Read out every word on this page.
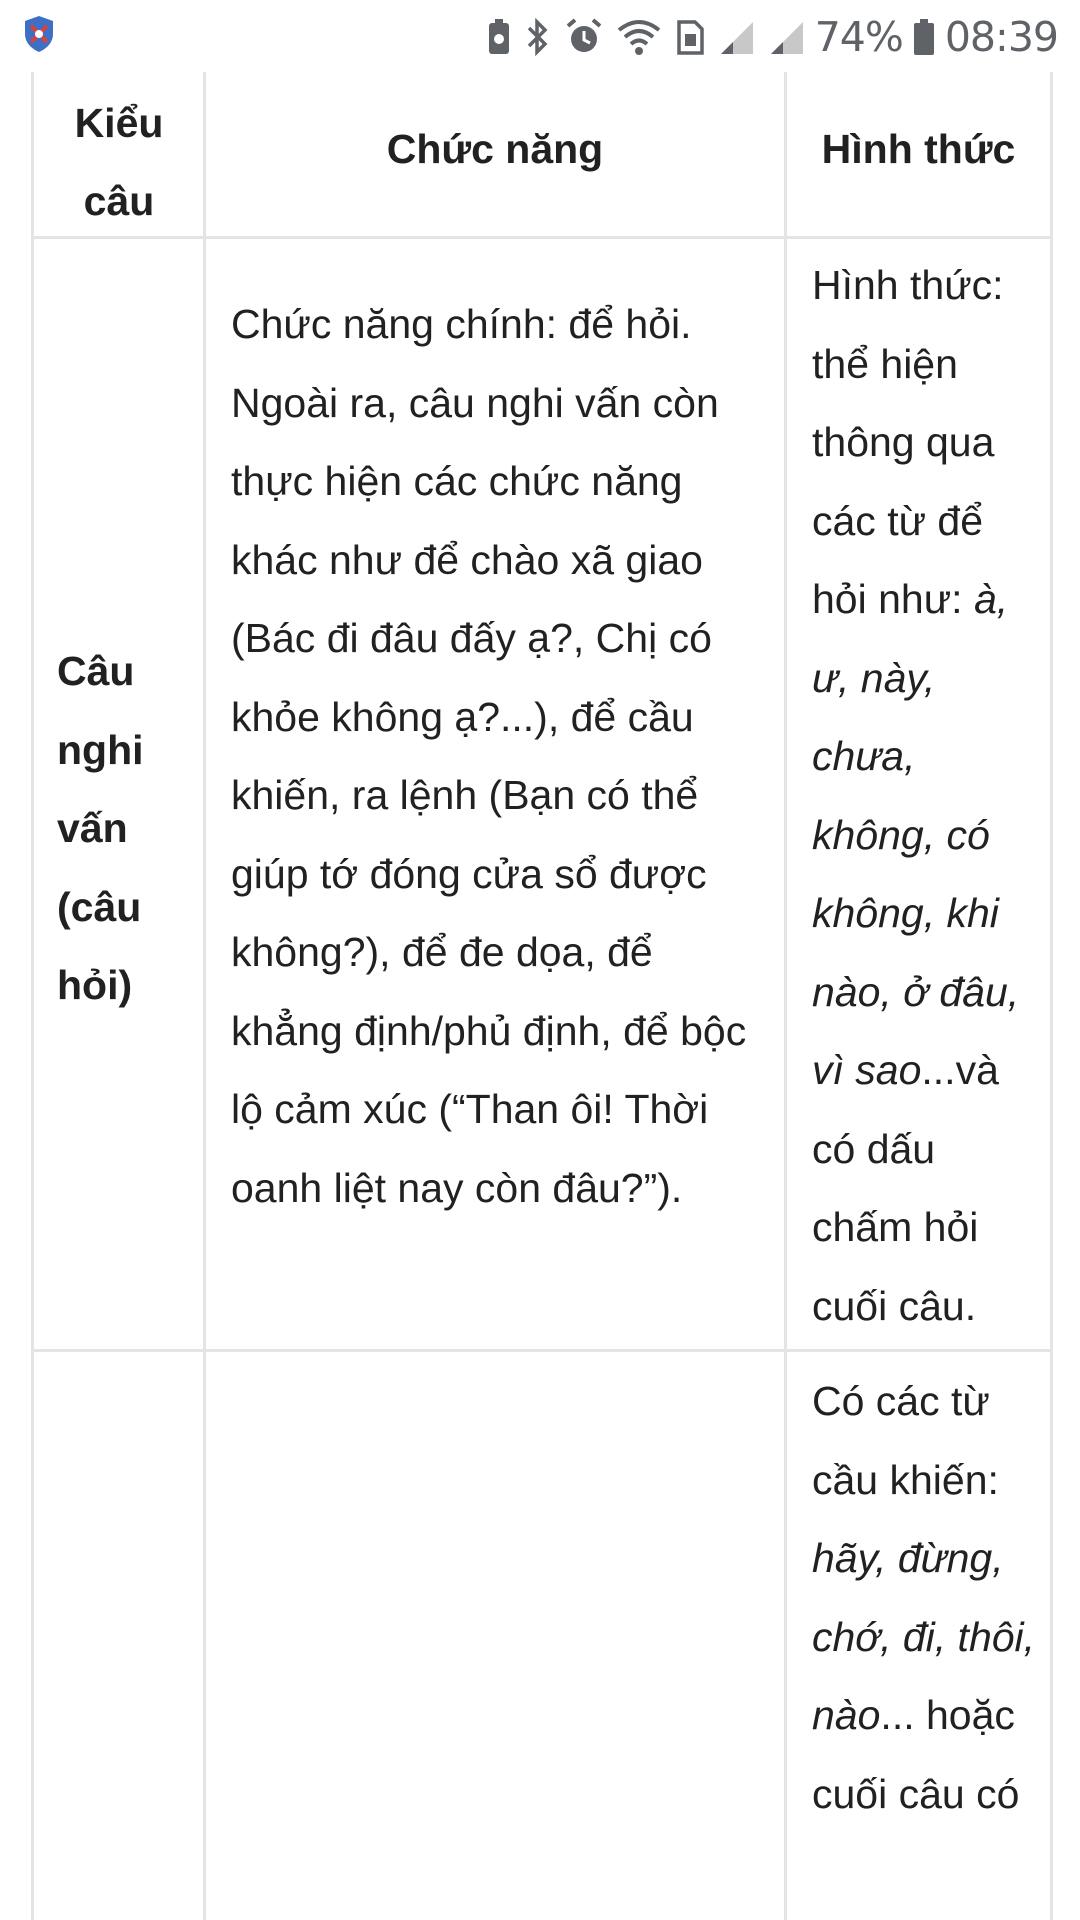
74% 08:39
Kiểu câu
Chức năng	Hình thức
Câu nghi vấn (câu hỏi)
Chức năng chính: để hỏi. Ngoài ra, câu nghi vấn còn thực hiện các chức năng khác như để chào xã giao (Bác đi đâu đấy ạ?, Chị có khỏe không ạ?...), để cầu khiến, ra lệnh (Bạn có thể giúp tớ đóng cửa sổ được không?), để đe dọa, để khẳng định/phủ định, để bộc lộ cảm xúc (“Than ôi! Thời oanh liệt nay còn đâu?”).
Hình thức: thể hiện thông qua các từ để hỏi như: à, ư, này, chưa, không, có không, khi nào, ở đâu, vì sao...và có dấu chấm hỏi cuối câu.
Có các từ cầu khiến: hãy, đừng, chớ, đi, thôi, nào... hoặc cuối câu có
